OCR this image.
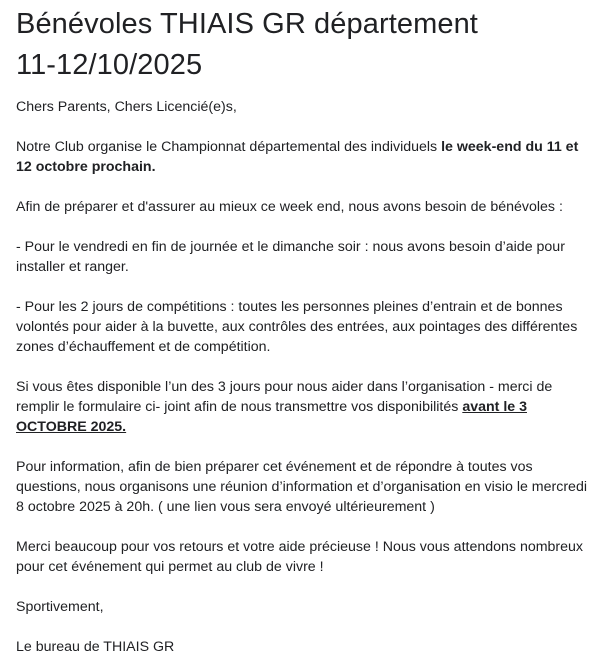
Bénévoles THIAIS GR département
11-12/10/2025

Chers Parents, Chers Licencié(e)s,

Notre Club organise le Championnat départemental des individuels le week-end du 11 et 12 octobre prochain.

Afin de préparer et d'assurer au mieux ce week end, nous avons besoin de bénévoles :

- Pour le vendredi en fin de journée et le dimanche soir : nous avons besoin d’aide pour installer et ranger.

- Pour les 2 jours de compétitions : toutes les personnes pleines d’entrain et de bonnes volontés pour aider à la buvette, aux contrôles des entrées, aux pointages des différentes zones d’échauffement et de compétition.

Si vous êtes disponible l’un des 3 jours pour nous aider dans l’organisation - merci de remplir le formulaire ci- joint afin de nous transmettre vos disponibilités avant le 3 OCTOBRE 2025.

Pour information, afin de bien préparer cet événement et de répondre à toutes vos questions, nous organisons une réunion d’information et d’organisation en visio le mercredi 8 octobre 2025 à 20h. ( une lien vous sera envoyé ultérieurement )

Merci beaucoup pour vos retours et votre aide précieuse ! Nous vous attendons nombreux pour cet événement qui permet au club de vivre !

Sportivement,

Le bureau de THIAIS GR
